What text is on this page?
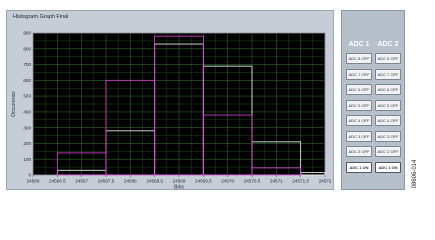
Histogram Graph Final
24566 24566.5 24567 24567.5 24568 24568.5 24569 24569.5 24570 24570.5 24571 24571.5 24572
0
100
200
300
400
500
600
700
800
900
Bins
Occurrence
ADC 1	ADC 2
ADC 8 OFF
ADC 7 OFF
ADC 6 OFF
ADC 5 OFF
ADC 4 OFF
ADC 3 OFF
ADC 2 OFF
ADC 1 ON
ADC 8 OFF
ADC 7 OFF
ADC 6 OFF
ADC 5 OFF
ADC 4 OFF
ADC 3 OFF
ADC 2 OFF
ADC 1 ON	08606-014
